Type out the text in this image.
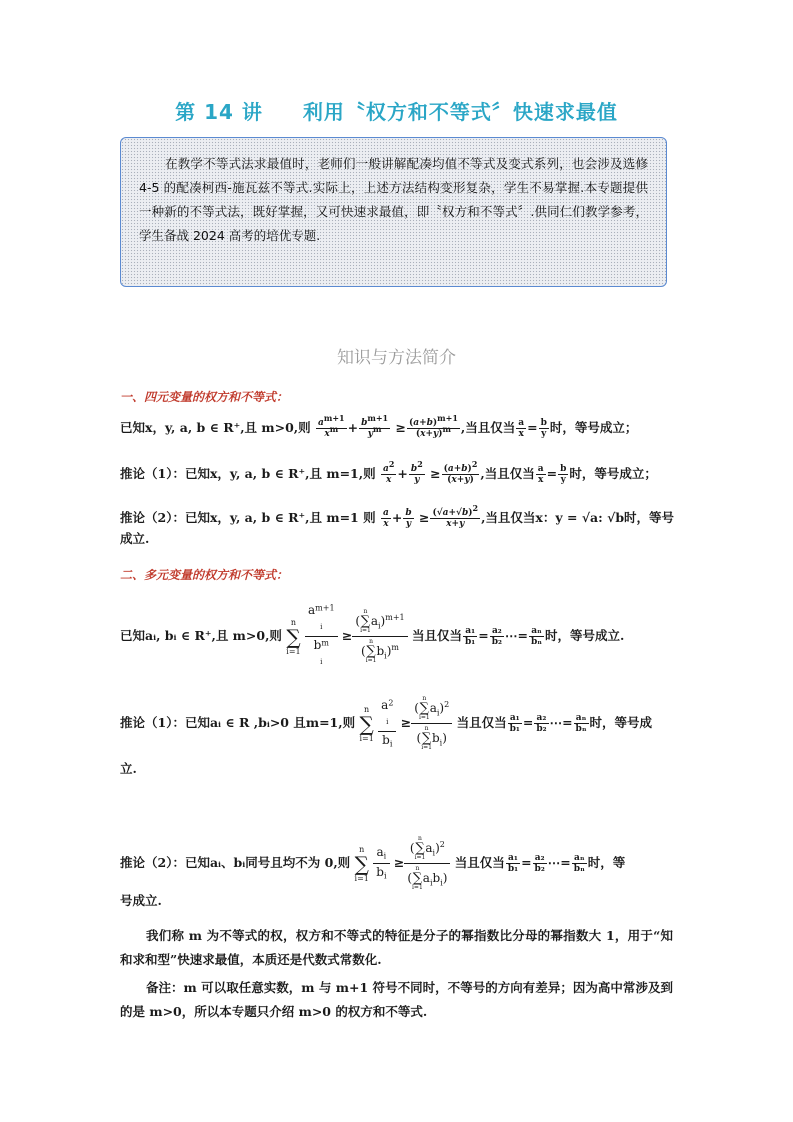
第 14 讲 利用〝权方和不等式〞快速求最值

在教学不等式法求最值时，老师们一般讲解配凑均值不等式及变式系列，也会涉及选修 4-5 的配凑柯西-施瓦兹不等式.实际上，上述方法结构变形复杂，学生不易掌握.本专题提供一种新的不等式法，既好掌握，又可快速求最值，即〝权方和不等式〞.供同仁们教学参考，学生备战 2024 高考的培优专题.

知识与方法简介
一、四元变量的权方和不等式：
已知x，y, a, b ∈ R⁺,且 m>0,则 $\frac{a^{m+1}}{x^m} + \frac{b^{m+1}}{y^m} \ge \frac{(a+b)^{m+1}}{(x+y)^m}$ ,当且仅当 $\frac{a}{x} = \frac{b}{y}$ 时，等号成立；
推论（1）：已知x，y, a, b ∈ R⁺,且 m=1,则 $\frac{a^2}{x} + \frac{b^2}{y} \ge \frac{(a+b)^2}{(x+y)}$ ,当且仅当 $\frac{a}{x} = \frac{b}{y}$ 时，等号成立；
推论（2）：已知x，y, a, b ∈ R⁺,且 m=1 则 $\frac{a}{x} + \frac{b}{y} \ge \frac{(√a+√b)^2}{x+y}$ ,当且仅当x：y = √a: √b时，等号
成立.
二、多元变量的权方和不等式：
已知aᵢ, bᵢ ∈ R⁺,且 m>0,则 n
∑
i=1
$a^{m+1}$
i
$b^m$
i
≥ (n
∑
$i=1a_i)^{m+1}$
(n
∑
$i=1b_i)^m$ 当且仅当 $\frac{\text{a₁}}{\text{b₁}} = \frac{\text{a₂}}{\text{b₂}}$ ⋯= $\frac{\text{aₙ}}{\text{bₙ}}$ 时，等号成立.
推论（1）：已知aᵢ ∈ R ,bᵢ>0 且m=1,则 n
∑
i=1
$a^2$
i
$b_i$
≥ (n
∑
$i=1a_i)^2$
(n
∑
$i=1b_i$) 当且仅当 $\frac{\text{a₁}}{\text{b₁}} = \frac{\text{a₂}}{\text{b₂}}$ ⋯= $\frac{\text{aₙ}}{\text{bₙ}}$ 时，等号成
立.
推论（2）：已知aᵢ、bᵢ同号且均不为 0,则 n
∑
$i=1 \frac{a_i}{b_i}$ ≥
(n
∑
$i=1a_i)^2$
(n
∑
$i=1a_ib_i$)
当且仅当 $\frac{\text{a₁}}{\text{b₁}} = \frac{\text{a₂}}{\text{b₂}}$ ⋯= $\frac{\text{aₙ}}{\text{bₙ}}$ 时，等
号成立.
我们称 m 为不等式的权，权方和不等式的特征是分子的幂指数比分母的幂指数大 1，用于“知和求和型”快速求最值，本质还是代数式常数化.
备注：m 可以取任意实数，m 与 m+1 符号不同时，不等号的方向有差异；因为高中常涉及到的是 m>0，所以本专题只介绍 m>0 的权方和不等式.
